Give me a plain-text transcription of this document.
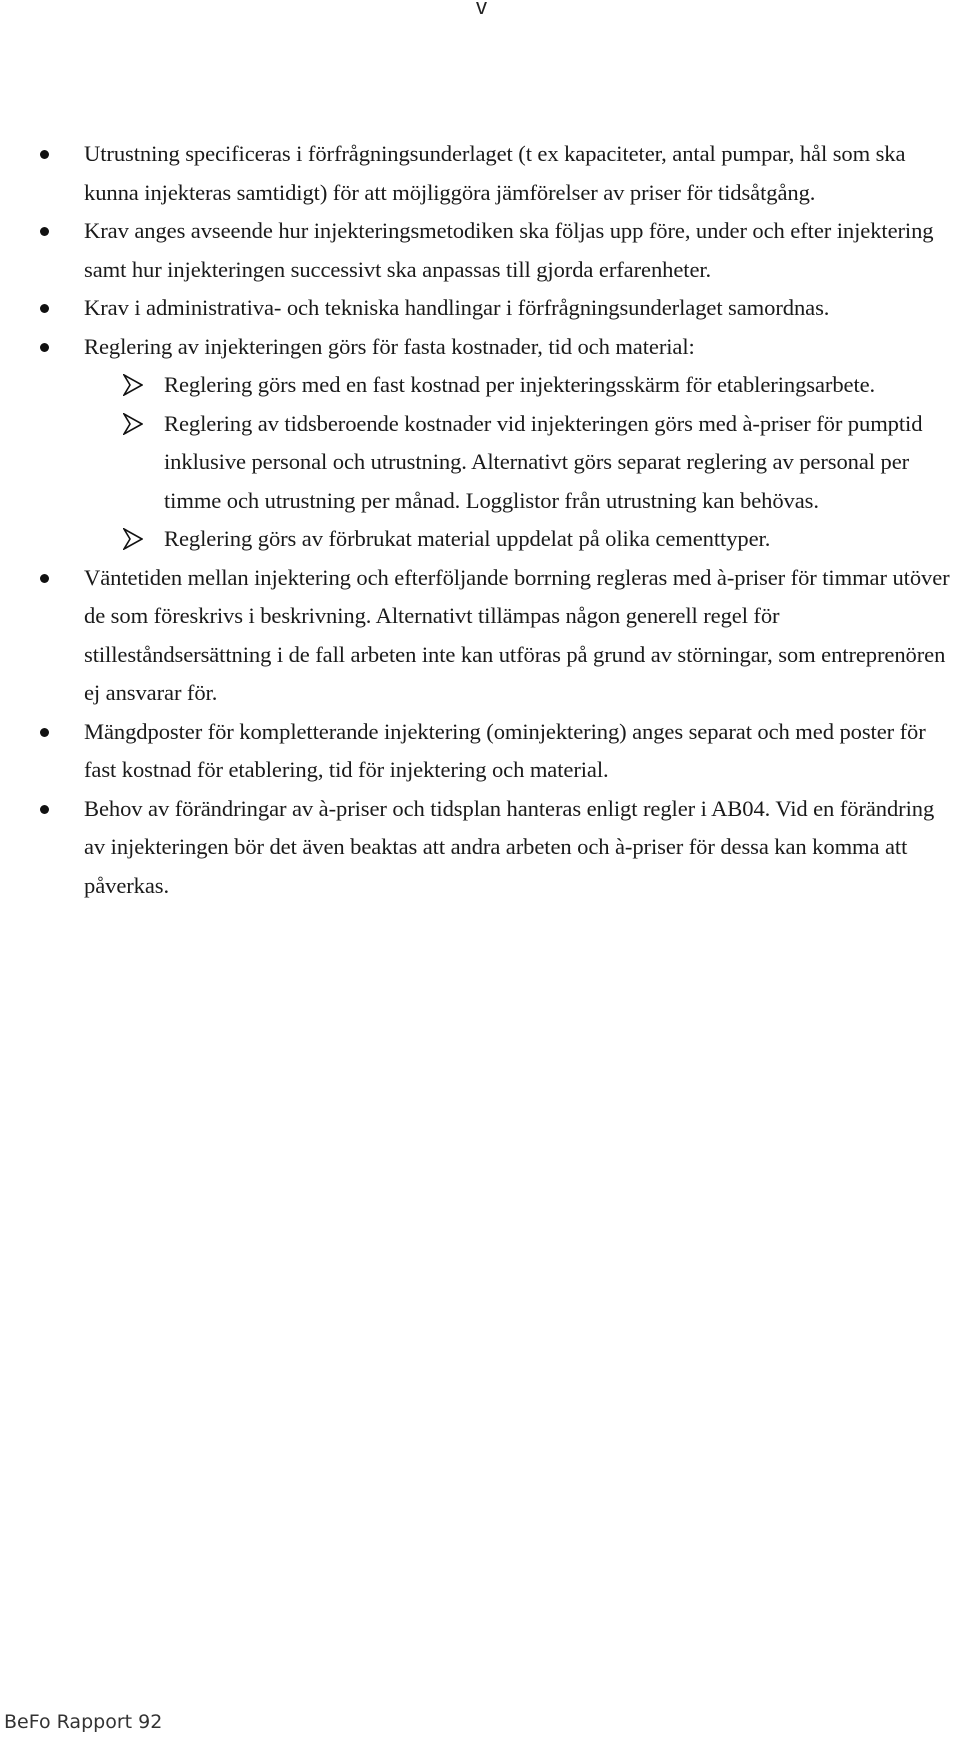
v
Utrustning specificeras i förfrågningsunderlaget (t ex kapaciteter, antal pumpar, hål som ska kunna injekteras samtidigt) för att möjliggöra jämförelser av priser för tidsåtgång.
Krav anges avseende hur injekteringsmetodiken ska följas upp före, under och efter injektering samt hur injekteringen successivt ska anpassas till gjorda erfarenheter.
Krav i administrativa- och tekniska handlingar i förfrågningsunderlaget samordnas.
Reglering av injekteringen görs för fasta kostnader, tid och material:
Reglering görs med en fast kostnad per injekteringsskärm för etableringsarbete.
Reglering av tidsberoende kostnader vid injekteringen görs med à-priser för pumptid inklusive personal och utrustning. Alternativt görs separat reglering av personal per timme och utrustning per månad. Logglistor från utrustning kan behövas.
Reglering görs av förbrukat material uppdelat på olika cementtyper.
Väntetiden mellan injektering och efterföljande borrning regleras med à-priser för timmar utöver de som föreskrivs i beskrivning. Alternativt tillämpas någon generell regel för stilleståndsersättning i de fall arbeten inte kan utföras på grund av störningar, som entreprenören ej ansvarar för.
Mängdposter för kompletterande injektering (ominjektering) anges separat och med poster för fast kostnad för etablering, tid för injektering och material.
Behov av förändringar av à-priser och tidsplan hanteras enligt regler i AB04. Vid en förändring av injekteringen bör det även beaktas att andra arbeten och à-priser för dessa kan komma att påverkas.
BeFo Rapport 92
